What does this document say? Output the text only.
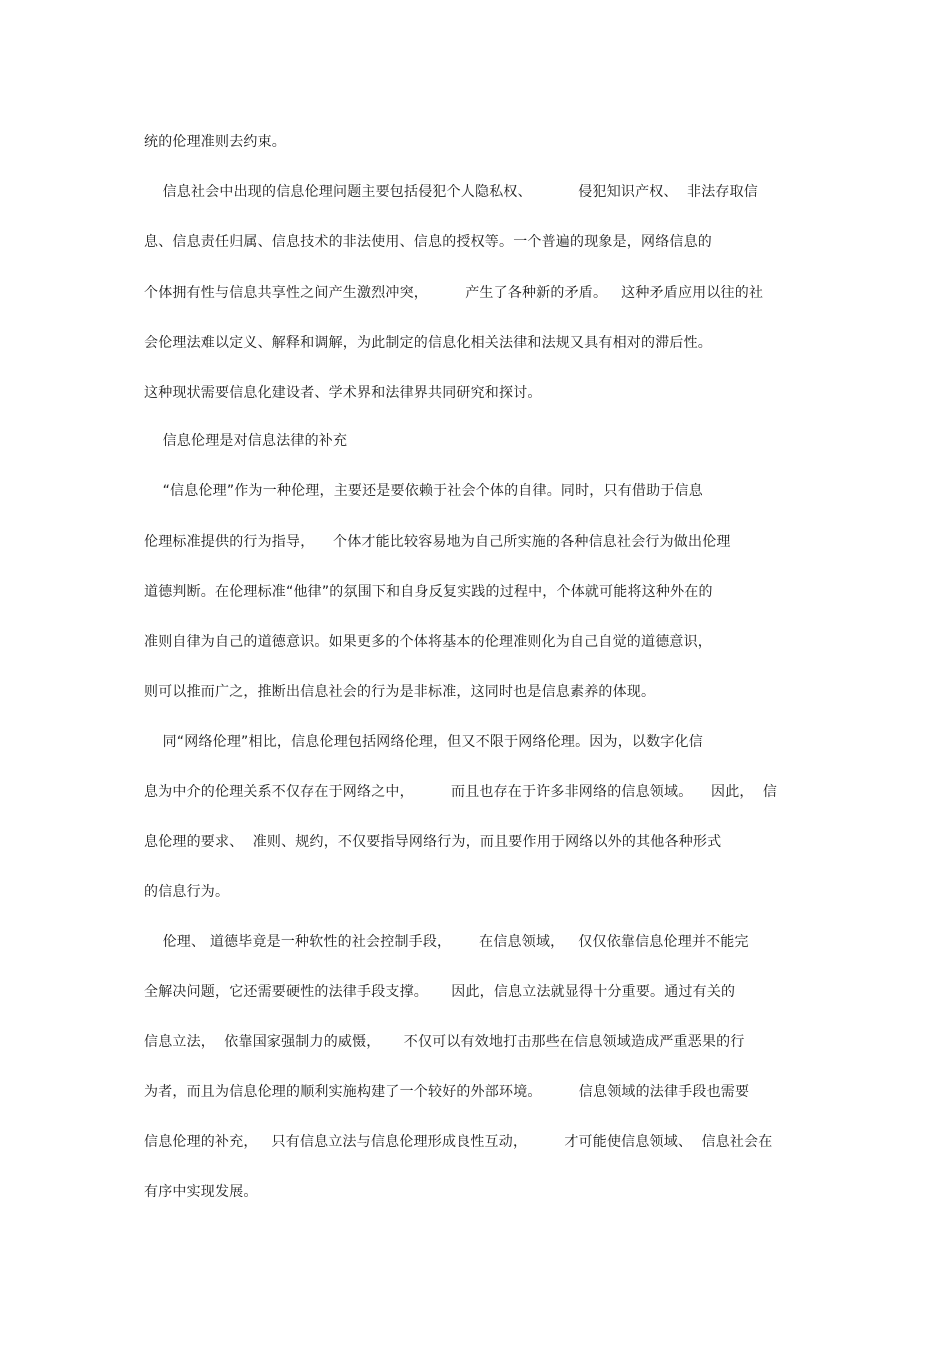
统的伦理准则去约束。
信息社会中出现的信息伦理问题主要包括侵犯个人隐私权、          侵犯知识产权、  非法存取信
息、信息责任归属、信息技术的非法使用、信息的授权等。一个普遍的现象是，网络信息的
个体拥有性与信息共享性之间产生激烈冲突，        产生了各种新的矛盾。   这种矛盾应用以往的社
会伦理法难以定义、解释和调解，为此制定的信息化相关法律和法规又具有相对的滞后性。
这种现状需要信息化建设者、学术界和法律界共同研究和探讨。
信息伦理是对信息法律的补充
“信息伦理”作为一种伦理，主要还是要依赖于社会个体的自律。同时，只有借助于信息
伦理标准提供的行为指导，    个体才能比较容易地为自己所实施的各种信息社会行为做出伦理
道德判断。在伦理标准“他律”的氛围下和自身反复实践的过程中，个体就可能将这种外在的
准则自律为自己的道德意识。如果更多的个体将基本的伦理准则化为自己自觉的道德意识，
则可以推而广之，推断出信息社会的行为是非标准，这同时也是信息素养的体现。
同“网络伦理”相比，信息伦理包括网络伦理，但又不限于网络伦理。因为，以数字化信
息为中介的伦理关系不仅存在于网络之中，        而且也存在于许多非网络的信息领域。    因此，  信
息伦理的要求、  准则、规约，不仅要指导网络行为，而且要作用于网络以外的其他各种形式
的信息行为。
伦理、 道德毕竟是一种软性的社会控制手段，      在信息领域，   仅仅依靠信息伦理并不能完
全解决问题，它还需要硬性的法律手段支撑。     因此，信息立法就显得十分重要。通过有关的
信息立法，  依靠国家强制力的威慑，     不仅可以有效地打击那些在信息领域造成严重恶果的行
为者，而且为信息伦理的顺利实施构建了一个较好的外部环境。        信息领域的法律手段也需要
信息伦理的补充，   只有信息立法与信息伦理形成良性互动，        才可能使信息领域、  信息社会在
有序中实现发展。
